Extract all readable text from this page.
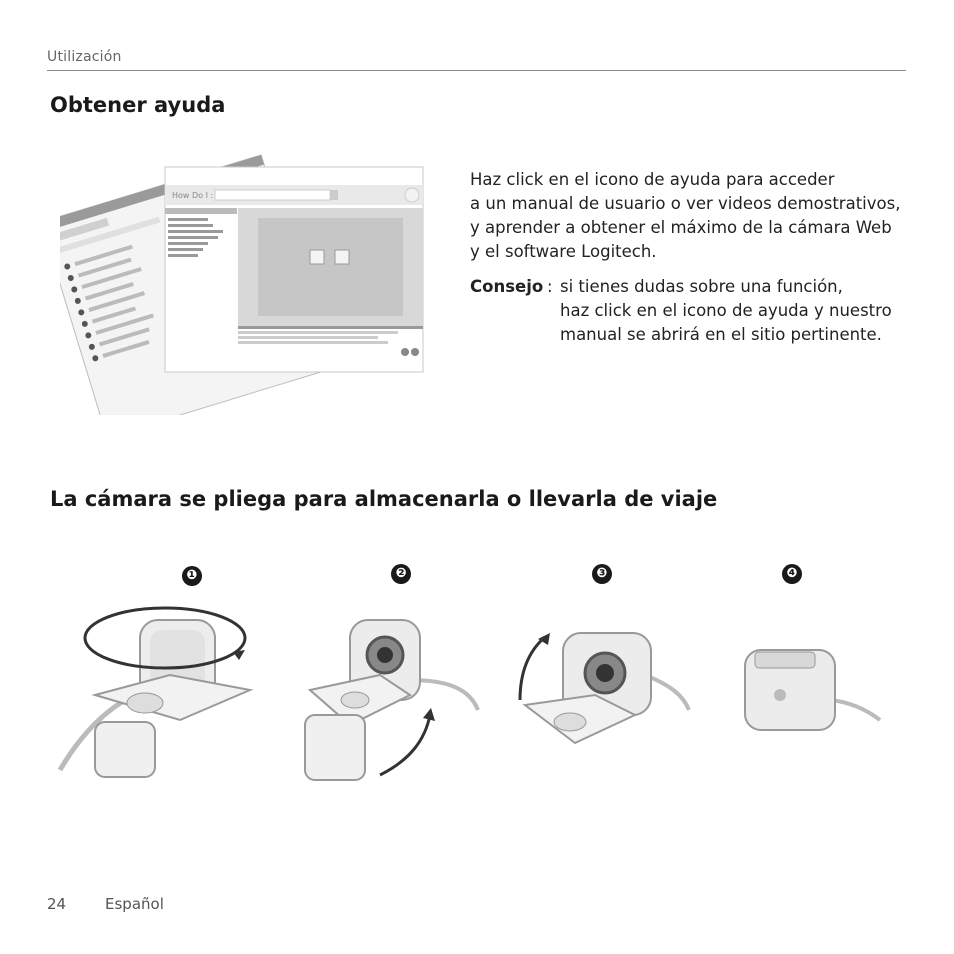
Utilización
Obtener ayuda
How Do I :
Haz click en el icono de ayuda para acceder
a un manual de usuario o ver videos demostrativos,
y aprender a obtener el máximo de la cámara Web
y el software Logitech.
Consejo : si tienes dudas sobre una función,
haz click en el icono de ayuda y nuestro
manual se abrirá en el sitio pertinente.
La cámara se pliega para almacenarla o llevarla de viaje
❶	❷	❸	❹
24	Español
